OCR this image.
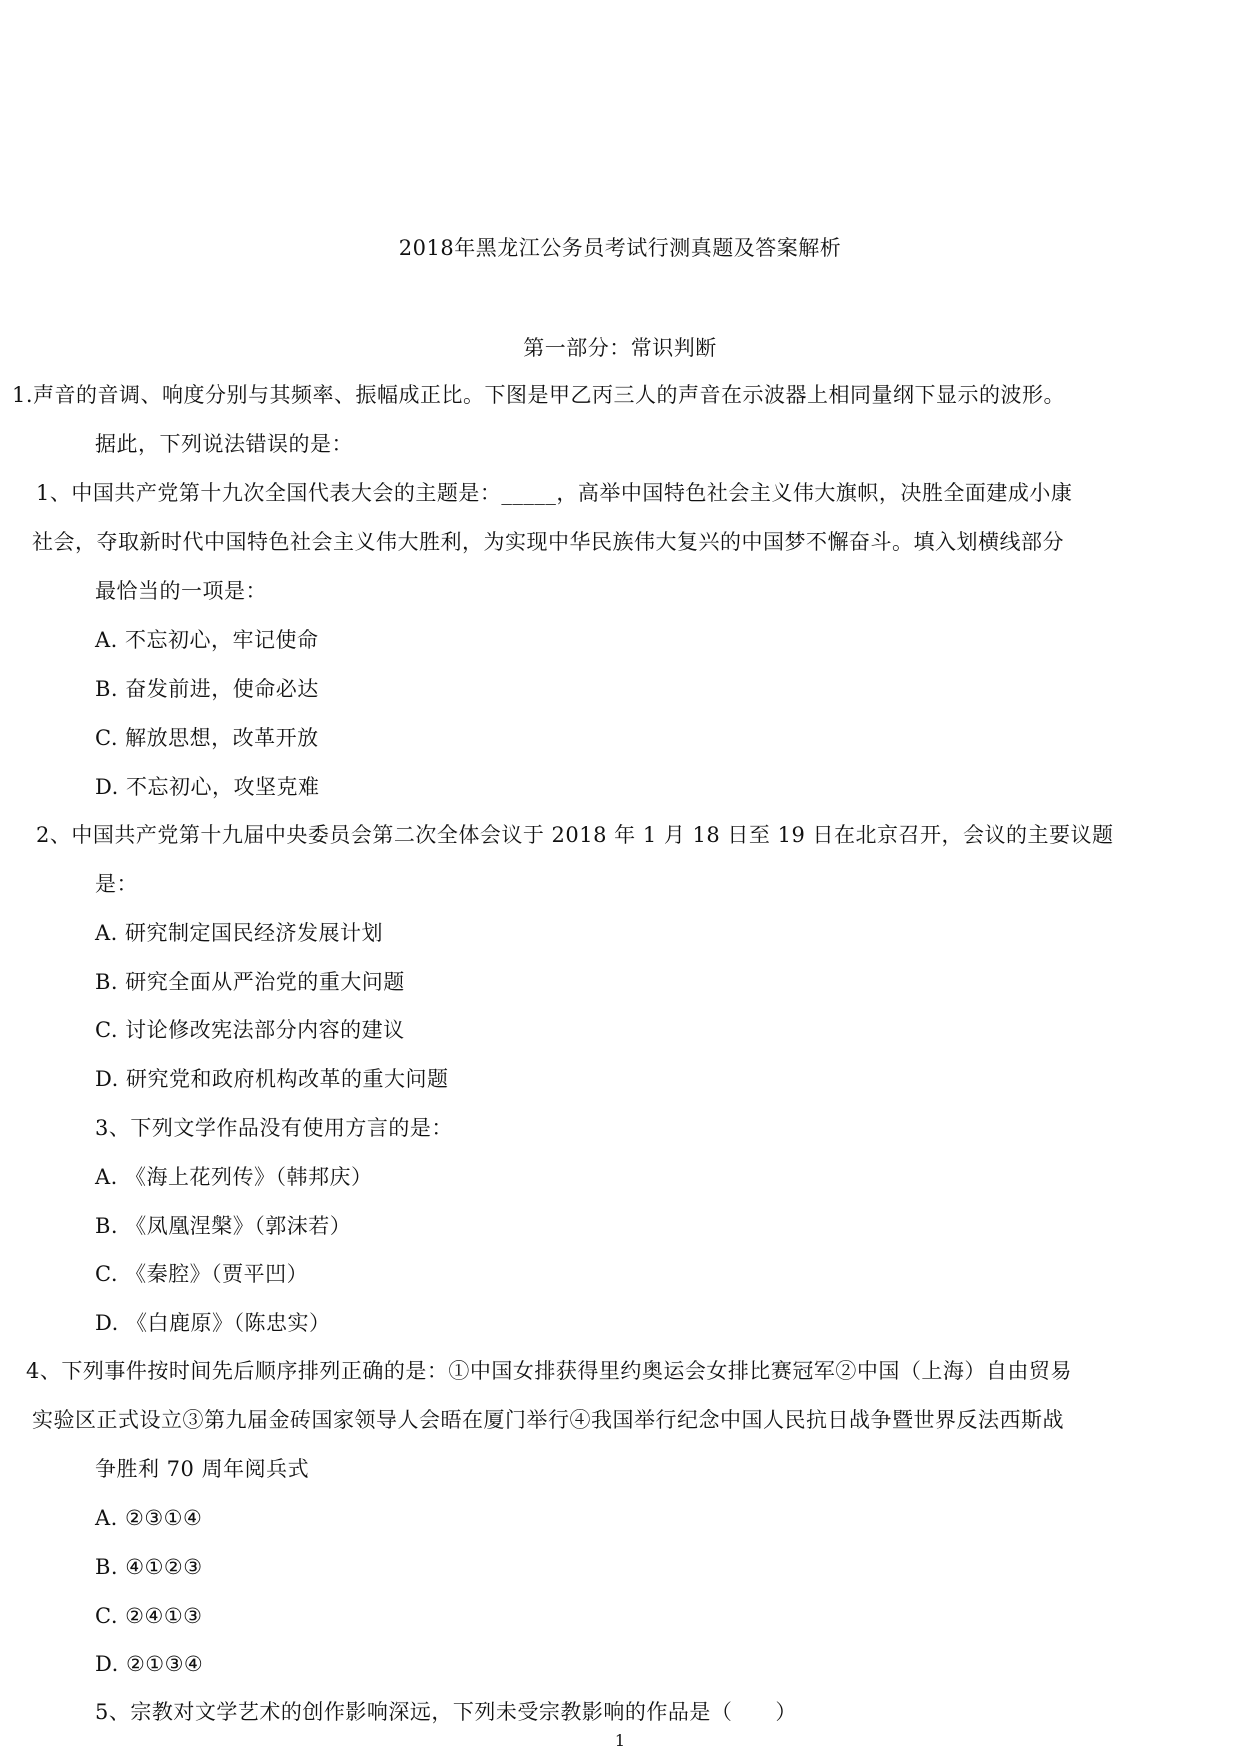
2018年黑龙江公务员考试行测真题及答案解析
第一部分：常识判断
1.声音的音调、响度分别与其频率、振幅成正比。下图是甲乙丙三人的声音在示波器上相同量纲下显示的波形。
据此，下列说法错误的是：
1、中国共产党第十九次全国代表大会的主题是：_____，高举中国特色社会主义伟大旗帜，决胜全面建成小康
社会，夺取新时代中国特色社会主义伟大胜利，为实现中华民族伟大复兴的中国梦不懈奋斗。填入划横线部分
最恰当的一项是：
A. 不忘初心，牢记使命
B. 奋发前进，使命必达
C. 解放思想，改革开放
D. 不忘初心，攻坚克难
2、中国共产党第十九届中央委员会第二次全体会议于 2018 年 1 月 18 日至 19 日在北京召开，会议的主要议题
是：
A. 研究制定国民经济发展计划
B. 研究全面从严治党的重大问题
C. 讨论修改宪法部分内容的建议
D. 研究党和政府机构改革的重大问题
3、下列文学作品没有使用方言的是：
A. 《海上花列传》（韩邦庆）
B. 《凤凰涅槃》（郭沫若）
C. 《秦腔》（贾平凹）
D. 《白鹿原》（陈忠实）
4、下列事件按时间先后顺序排列正确的是：①中国女排获得里约奥运会女排比赛冠军②中国（上海）自由贸易
实验区正式设立③第九届金砖国家领导人会晤在厦门举行④我国举行纪念中国人民抗日战争暨世界反法西斯战
争胜利 70 周年阅兵式
A. ②③①④
B. ④①②③
C. ②④①③
D. ②①③④
5、宗教对文学艺术的创作影响深远，下列未受宗教影响的作品是（　　）
1
